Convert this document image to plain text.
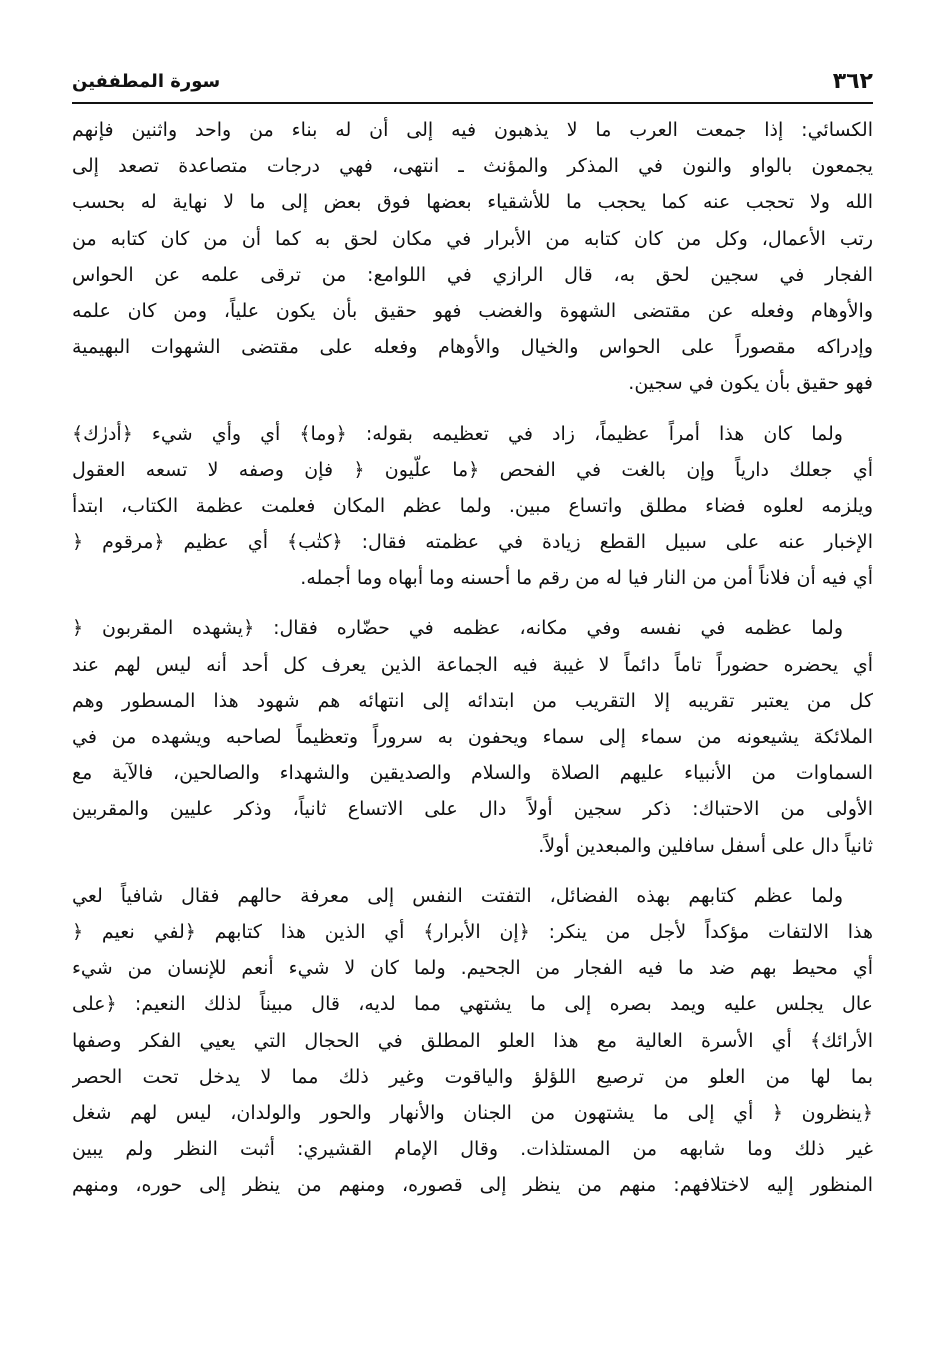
٣٦٢
سورة المطففين
الكسائي: إذا جمعت العرب ما لا يذهبون فيه إلى أن له بناء من واحد واثنين فإنهم
يجمعون بالواو والنون في المذكر والمؤنث ـ انتهى، فهي درجات متصاعدة تصعد إلى
الله ولا تحجب عنه كما يحجب ما للأشقياء بعضها فوق بعض إلى ما لا نهاية له بحسب
رتب الأعمال، وكل من كان كتابه من الأبرار في مكان لحق به كما أن من كان كتابه من
الفجار في سجين لحق به، قال الرازي في اللوامع: من ترقى علمه عن الحواس
والأوهام وفعله عن مقتضى الشهوة والغضب فهو حقيق بأن يكون علياً، ومن كان علمه
وإدراكه مقصوراً على الحواس والخيال والأوهام وفعله على مقتضى الشهوات البهيمية
فهو حقيق بأن يكون في سجين.
ولما كان هذا أمراً عظيماً، زاد في تعظيمه بقوله: ﴿وما﴾ أي وأي شيء ﴿أدرٰك﴾
أي جعلك دارياً وإن بالغت في الفحص ﴿ما علّيون ﴿ فإن وصفه لا تسعه العقول
ويلزمه لعلوه فضاء مطلق واتساع مبين. ولما عظم المكان فعلمت عظمة الكتاب، ابتدأ
الإخبار عنه على سبيل القطع زيادة في عظمته فقال: ﴿كتٰب﴾ أي عظيم ﴿مرقوم ﴿
أي فيه أن فلاناً أمن من النار فيا له من رقم ما أحسنه وما أبهاه وما أجمله.
ولما عظمه في نفسه وفي مكانه، عظمه في حضّاره فقال: ﴿يشهده المقربون ﴿
أي يحضره حضوراً تاماً دائماً لا غيبة فيه الجماعة الذين يعرف كل أحد أنه ليس لهم عند
كل من يعتبر تقريبه إلا التقريب من ابتدائه إلى انتهائه هم شهود هذا المسطور وهم
الملائكة يشيعونه من سماء إلى سماء ويحفون به سروراً وتعظيماً لصاحبه ويشهده من في
السماوات من الأنبياء عليهم الصلاة والسلام والصديقين والشهداء والصالحين، فالآية مع
الأولى من الاحتباك: ذكر سجين أولاً دال على الاتساع ثانياً، وذكر عليين والمقربين
ثانياً دال على أسفل سافلين والمبعدين أولاً.
ولما عظم كتابهم بهذه الفضائل، التفتت النفس إلى معرفة حالهم فقال شافياً لعي
هذا الالتفات مؤكداً لأجل من ينكر: ﴿إن الأبرار﴾ أي الذين هذا كتابهم ﴿لفي نعيم ﴿
أي محيط بهم ضد ما فيه الفجار من الجحيم. ولما كان لا شيء أنعم للإنسان من شيء
عال يجلس عليه ويمد بصره إلى ما يشتهي مما لديه، قال مبيناً لذلك النعيم: ﴿على
الأرائك﴾ أي الأسرة العالية مع هذا العلو المطلق في الحجال التي يعيي الفكر وصفها
بما لها من العلو من ترصيع اللؤلؤ والياقوت وغير ذلك مما لا يدخل تحت الحصر
﴿ينظرون ﴿ أي إلى ما يشتهون من الجنان والأنهار والحور والولدان، ليس لهم شغل
غير ذلك وما شابهه من المستلذات. وقال الإمام القشيري: أثبت النظر ولم يبين
المنظور إليه لاختلافهم: منهم من ينظر إلى قصوره، ومنهم من ينظر إلى حوره، ومنهم
